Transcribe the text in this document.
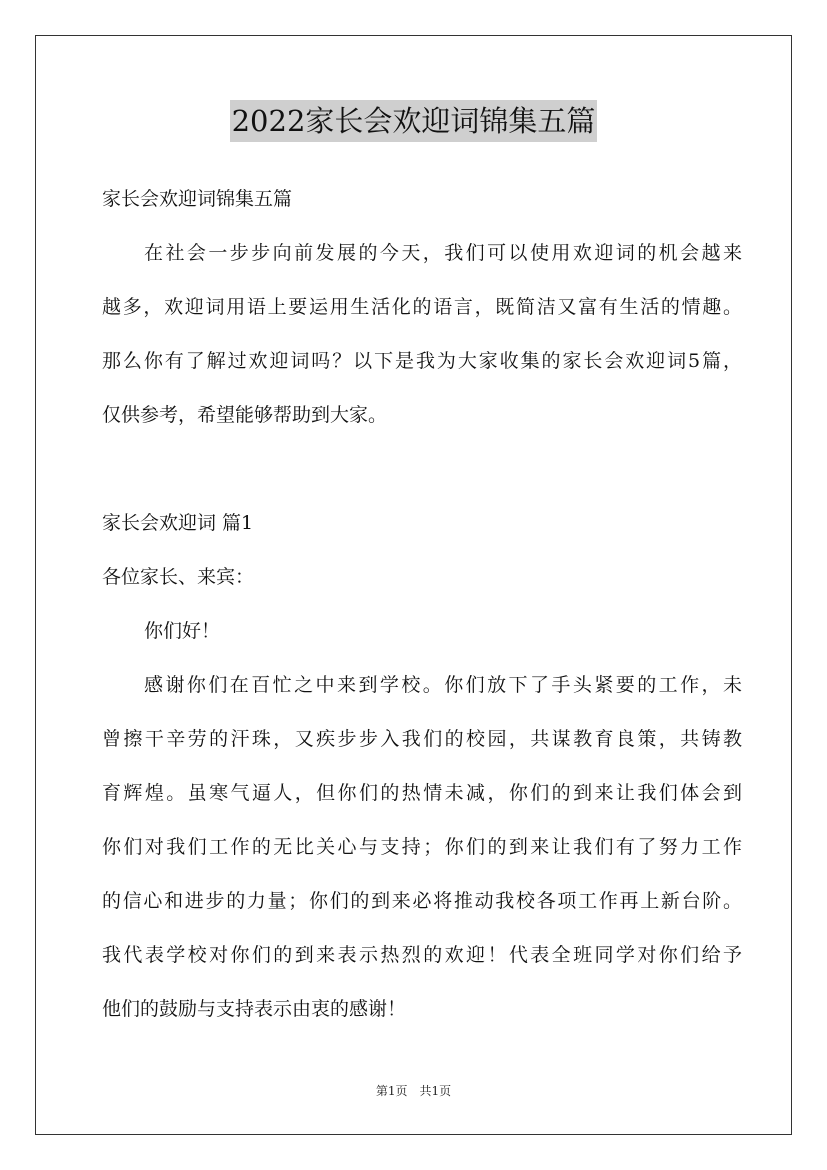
2022家长会欢迎词锦集五篇
家长会欢迎词锦集五篇
在社会一步步向前发展的今天，我们可以使用欢迎词的机会越来
越多，欢迎词用语上要运用生活化的语言，既简洁又富有生活的情趣。
那么你有了解过欢迎词吗？以下是我为大家收集的家长会欢迎词5篇，
仅供参考，希望能够帮助到大家。
家长会欢迎词 篇1
各位家长、来宾：
你们好！
感谢你们在百忙之中来到学校。你们放下了手头紧要的工作，未
曾擦干辛劳的汗珠，又疾步步入我们的校园，共谋教育良策，共铸教
育辉煌。虽寒气逼人，但你们的热情未减，你们的到来让我们体会到
你们对我们工作的无比关心与支持；你们的到来让我们有了努力工作
的信心和进步的力量；你们的到来必将推动我校各项工作再上新台阶。
我代表学校对你们的到来表示热烈的欢迎！代表全班同学对你们给予
他们的鼓励与支持表示由衷的感谢！
第1页　共1页
